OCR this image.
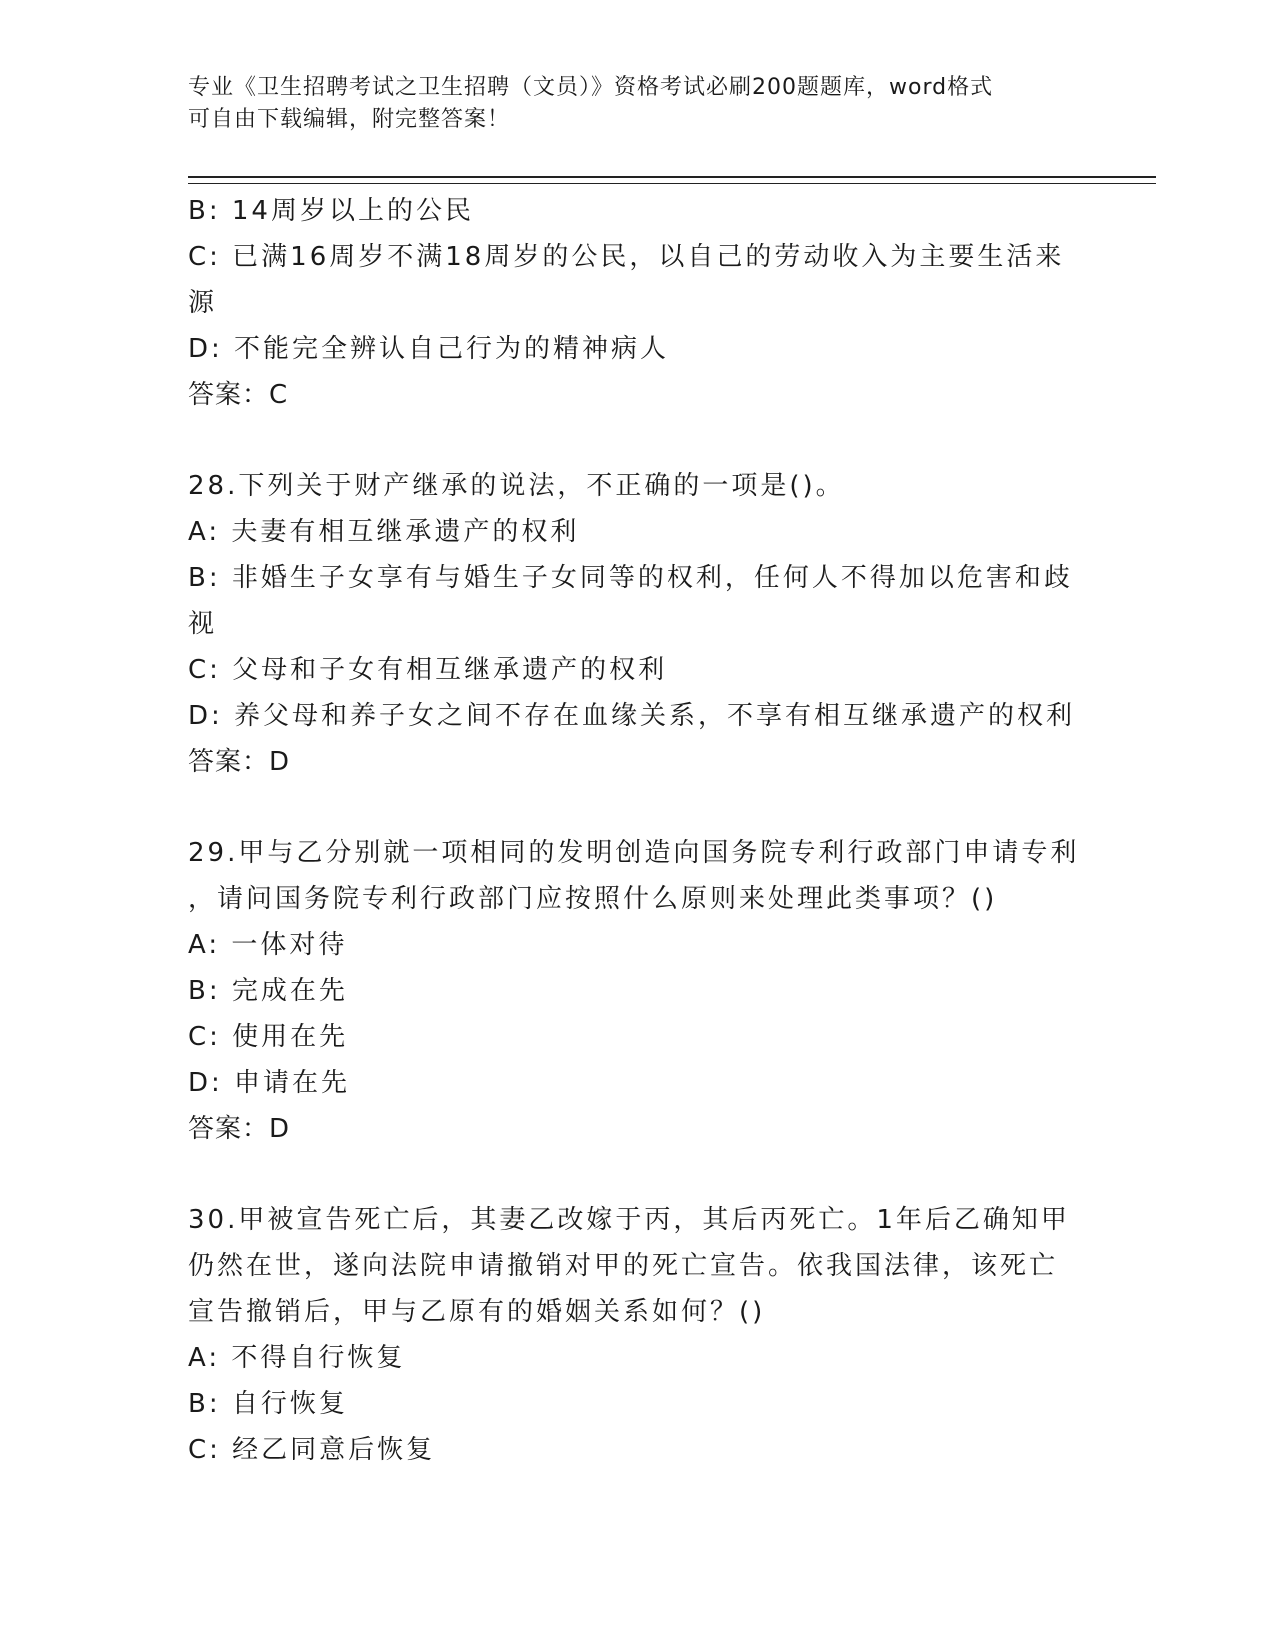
专业《卫生招聘考试之卫生招聘（文员）》资格考试必刷200题题库，word格式
可自由下载编辑，附完整答案！
B: 14周岁以上的公民
C: 已满16周岁不满18周岁的公民，以自己的劳动收入为主要生活来
源
D: 不能完全辨认自己行为的精神病人
答案：C
28.下列关于财产继承的说法，不正确的一项是()。
A: 夫妻有相互继承遗产的权利
B: 非婚生子女享有与婚生子女同等的权利，任何人不得加以危害和歧
视
C: 父母和子女有相互继承遗产的权利
D: 养父母和养子女之间不存在血缘关系，不享有相互继承遗产的权利
答案：D
29.甲与乙分别就一项相同的发明创造向国务院专利行政部门申请专利
，请问国务院专利行政部门应按照什么原则来处理此类事项？()
A: 一体对待
B: 完成在先
C: 使用在先
D: 申请在先
答案：D
30.甲被宣告死亡后，其妻乙改嫁于丙，其后丙死亡。1年后乙确知甲
仍然在世，遂向法院申请撤销对甲的死亡宣告。依我国法律，该死亡
宣告撤销后，甲与乙原有的婚姻关系如何？()
A: 不得自行恢复
B: 自行恢复
C: 经乙同意后恢复
